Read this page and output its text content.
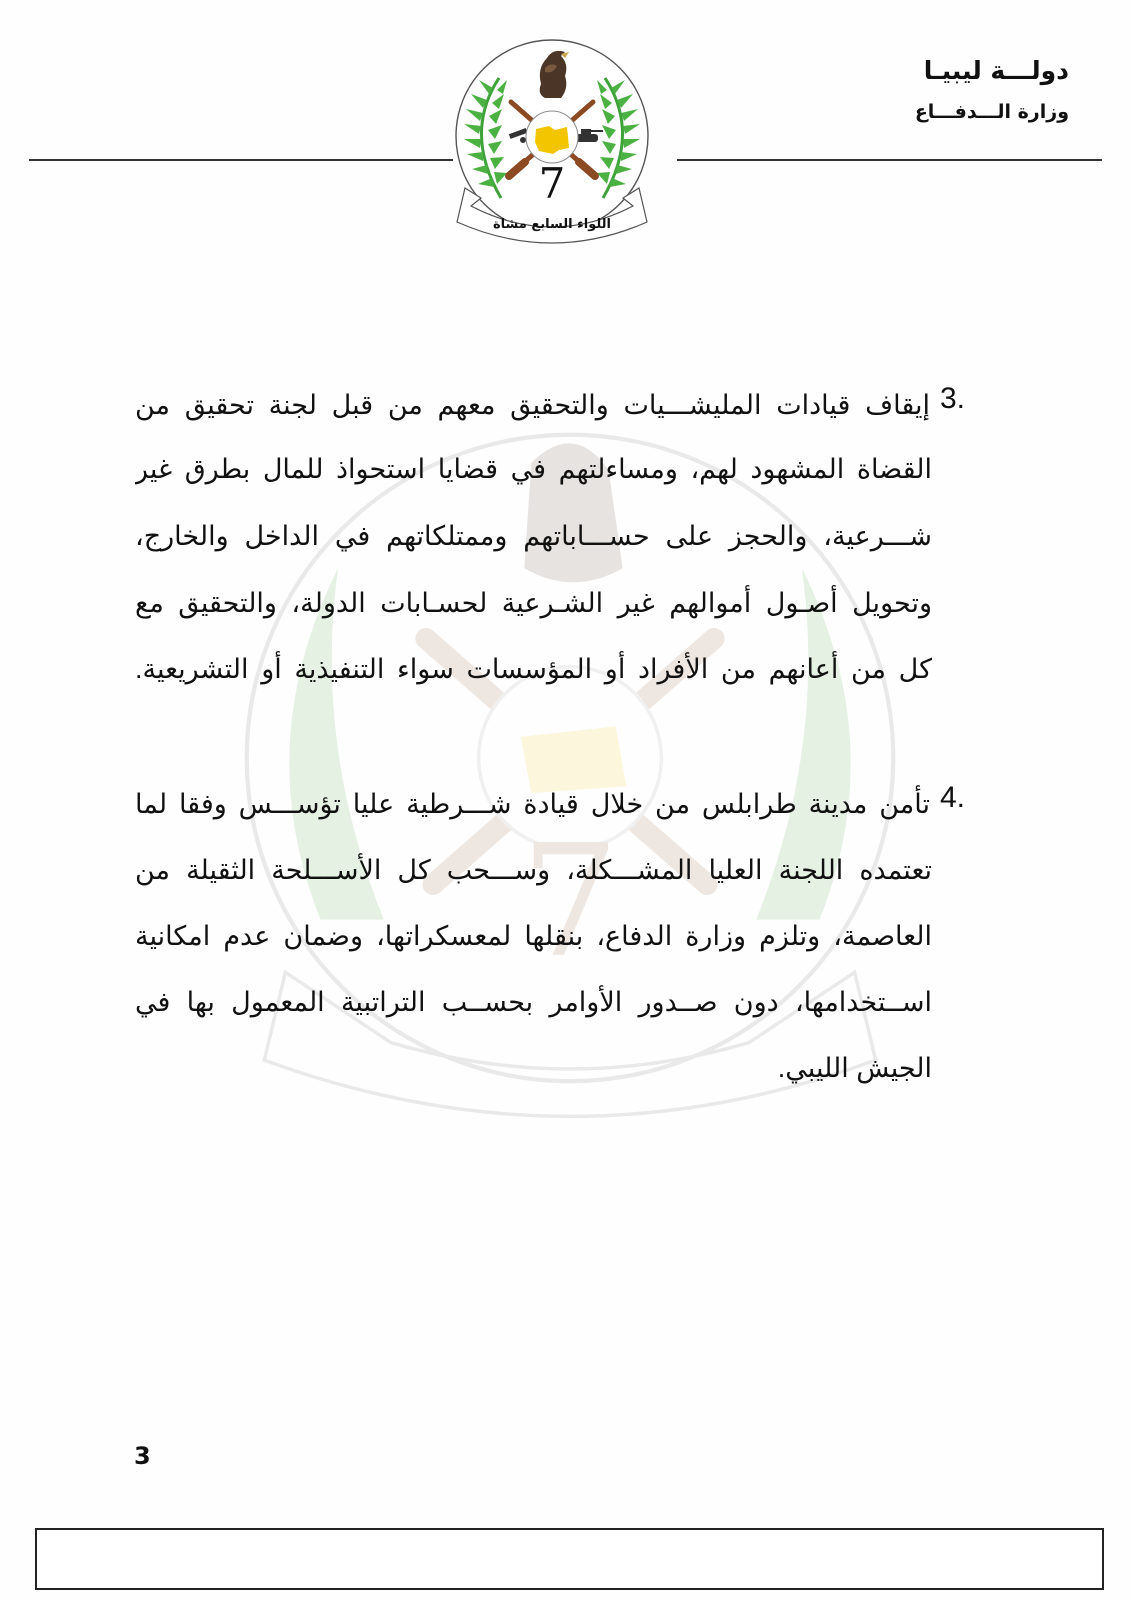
7
دولـــة ليبيـا
وزارة الـــدفـــاع
7
اللواء السابع مشاة
3.
إيقاف قيادات المليشـــيات والتحقيق معهم من قبل لجنة تحقيق من
القضاة المشهود لهم، ومساءلتهم في قضايا استحواذ للمال بطرق غير
شـــرعية، والحجز على حســـاباتهم وممتلكاتهم في الداخل والخارج،
وتحويل أصـول أموالهم غير الشـرعية لحسـابات الدولة، والتحقيق مع
كل من أعانهم من الأفراد أو المؤسسات سواء التنفيذية أو التشريعية.
4.
تأمن مدينة طرابلس من خلال قيادة شـــرطية عليا تؤســـس وفقا لما
تعتمده اللجنة العليا المشـــكلة، وســـحب كل الأســـلحة الثقيلة من
العاصمة، وتلزم وزارة الدفاع، بنقلها لمعسكراتها، وضمان عدم امكانية
اســتخدامها، دون صــدور الأوامر بحســب التراتبية المعمول بها في
الجيش الليبي.
3
